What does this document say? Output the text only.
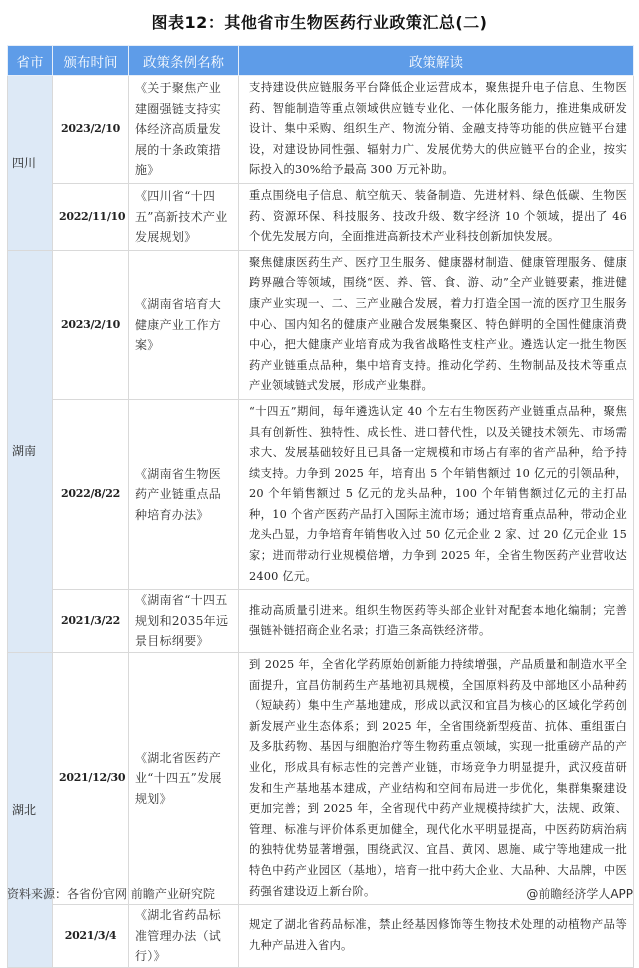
图表12：其他省市生物医药行业政策汇总(二)
省市	颁布时间	政策条例名称	政策解读
四川	2023/2/10	《关于聚焦产业建圈强链支持实体经济高质量发展的十条政策措施》	支持建设供应链服务平台降低企业运营成本，聚焦提升电子信息、生物医药、智能制造等重点领域供应链专业化、一体化服务能力，推进集成研发设计、集中采购、组织生产、物流分销、金融支持等功能的供应链平台建设，对建设协同性强、辐射力广、发展优势大的供应链平台的企业，按实际投入的30%给予最高 300 万元补助。
	2022/11/10	《四川省“十四五”高新技术产业发展规划》	重点围绕电子信息、航空航天、装备制造、先进材料、绿色低碳、生物医药、资源环保、科技服务、技改升级、数字经济 10 个领域，提出了 46 个优先发展方向，全面推进高新技术产业科技创新加快发展。
湖南	2023/2/10	《湖南省培育大健康产业工作方案》	聚焦健康医药生产、医疗卫生服务、健康器材制造、健康管理服务、健康跨界融合等领域，围绕“医、养、管、食、游、动”全产业链要素，推进健康产业实现一、二、三产业融合发展，着力打造全国一流的医疗卫生服务中心、国内知名的健康产业融合发展集聚区、特色鲜明的全国性健康消费中心，把大健康产业培育成为我省战略性支柱产业。遴选认定一批生物医药产业链重点品种，集中培育支持。推动化学药、生物制品及技术等重点产业领域链式发展，形成产业集群。
	2022/8/22	《湖南省生物医药产业链重点品种培育办法》	“十四五”期间，每年遴选认定 40 个左右生物医药产业链重点品种，聚焦具有创新性、独特性、成长性、进口替代性，以及关键技术领先、市场需求大、发展基础较好且已具备一定规模和市场占有率的省产品种，给予持续支持。力争到 2025 年，培育出 5 个年销售额过 10 亿元的引领品种，20 个年销售额过 5 亿元的龙头品种，100 个年销售额过亿元的主打品种，10 个省产医药产品打入国际主流市场；通过培育重点品种，带动企业龙头凸显，力争培育年销售收入过 50 亿元企业 2 家、过 20 亿元企业 15 家；进而带动行业规模倍增，力争到 2025 年，全省生物医药产业营收达 2400 亿元。
	2021/3/22	《湖南省“十四五规划和2035年远景目标纲要》	推动高质量引进来。组织生物医药等头部企业针对配套本地化编制；完善强链补链招商企业名录；打造三条高铁经济带。
湖北	2021/12/30	《湖北省医药产业“十四五”发展规划》	到 2025 年，全省化学药原始创新能力持续增强，产品质量和制造水平全面提升，宜昌仿制药生产基地初具规模，全国原料药及中部地区小品种药（短缺药）集中生产基地建成，形成以武汉和宜昌为核心的区域化学药创新发展产业生态体系；到 2025 年，全省围绕新型疫苗、抗体、重组蛋白及多肽药物、基因与细胞治疗等生物药重点领域，实现一批重磅产品的产业化，形成具有标志性的完善产业链，市场竞争力明显提升，武汉疫苗研发和生产基地基本建成，产业结构和空间布局进一步优化，集群集聚建设更加完善；到 2025 年，全省现代中药产业规模持续扩大，法规、政策、管理、标准与评价体系更加健全，现代化水平明显提高，中医药防病治病的独特优势显著增强，围绕武汉、宜昌、黄冈、恩施、咸宁等地建成一批特色中药产业园区（基地），培育一批中药大企业、大品种、大品牌，中医药强省建设迈上新台阶。
	2021/3/4	《湖北省药品标准管理办法（试行）》	规定了湖北省药品标准，禁止经基因修饰等生物技术处理的动植物产品等九种产品进入省内。
资料来源：各省份官网 前瞻产业研究院	@前瞻经济学人APP
